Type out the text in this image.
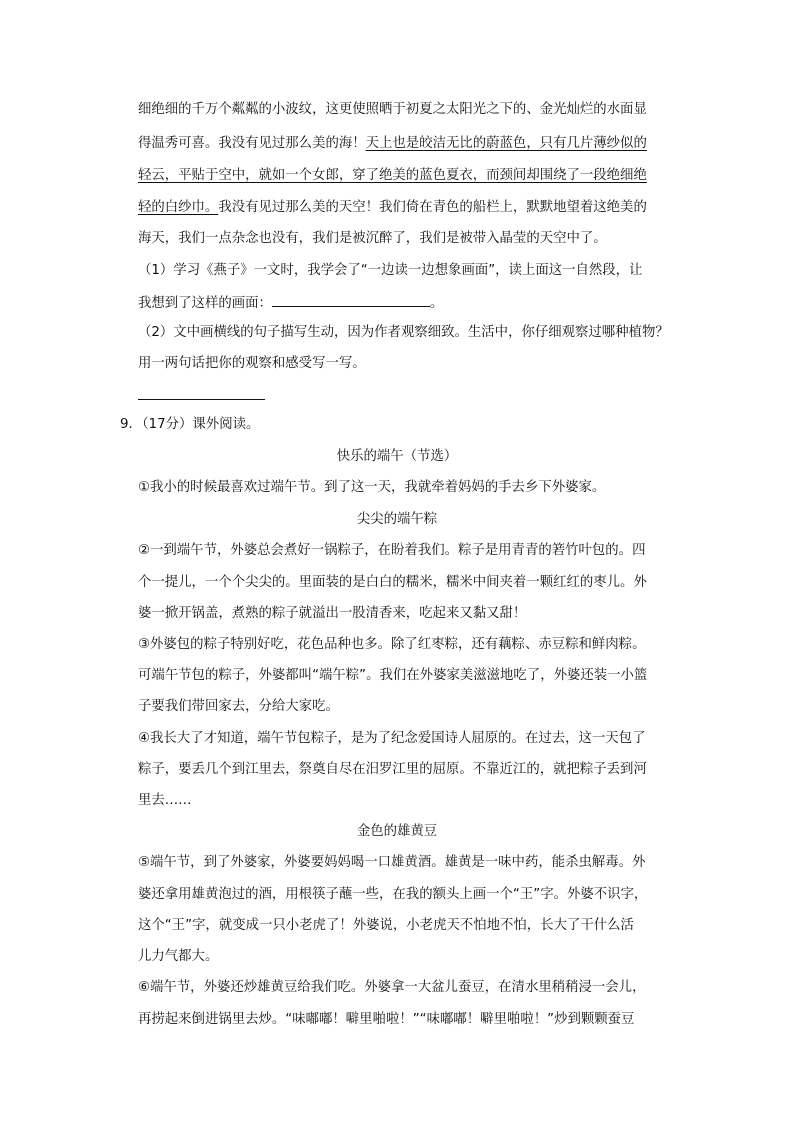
细绝细的千万个粼粼的小波纹，这更使照晒于初夏之太阳光之下的、金光灿烂的水面显
得温秀可喜。我没有见过那么美的海！天上也是皎洁无比的蔚蓝色，只有几片薄纱似的
轻云，平贴于空中，就如一个女郎，穿了绝美的蓝色夏衣，而颈间却围绕了一段绝细绝
轻的白纱巾。我没有见过那么美的天空！我们倚在青色的船栏上，默默地望着这绝美的
海天，我们一点杂念也没有，我们是被沉醉了，我们是被带入晶莹的天空中了。
（1）学习《燕子》一文时，我学会了“一边读一边想象画面”，读上面这一自然段，让
我想到了这样的画面：	。
（2）文中画横线的句子描写生动，因为作者观察细致。生活中，你仔细观察过哪种植物？
用一两句话把你的观察和感受写一写。
9．（17分）课外阅读。
快乐的端午（节选）
①我小的时候最喜欢过端午节。到了这一天，我就牵着妈妈的手去乡下外婆家。
尖尖的端午粽
②一到端午节，外婆总会煮好一锅粽子，在盼着我们。粽子是用青青的箬竹叶包的。四
个一提儿，一个个尖尖的。里面装的是白白的糯米，糯米中间夹着一颗红红的枣儿。外
婆一掀开锅盖，煮熟的粽子就溢出一股清香来，吃起来又黏又甜！
③外婆包的粽子特别好吃，花色品种也多。除了红枣粽，还有藕粽、赤豆粽和鲜肉粽。
可端午节包的粽子，外婆都叫“端午粽”。我们在外婆家美滋滋地吃了，外婆还装一小篮
子要我们带回家去，分给大家吃。
④我长大了才知道，端午节包粽子，是为了纪念爱国诗人屈原的。在过去，这一天包了
粽子，要丢几个到江里去，祭奠自尽在汨罗江里的屈原。不靠近江的，就把粽子丢到河
里去……
金色的雄黄豆
⑤端午节，到了外婆家，外婆要妈妈喝一口雄黄酒。雄黄是一味中药，能杀虫解毒。外
婆还拿用雄黄泡过的酒，用根筷子蘸一些，在我的额头上画一个“王”字。外婆不识字，
这个“王”字，就变成一只小老虎了！外婆说，小老虎天不怕地不怕，长大了干什么活
儿力气都大。
⑥端午节，外婆还炒雄黄豆给我们吃。外婆拿一大盆儿蚕豆，在清水里稍稍浸一会儿，
再捞起来倒进锅里去炒。“味嘟嘟！噼里啪啦！”“味嘟嘟！噼里啪啦！”炒到颗颗蚕豆
